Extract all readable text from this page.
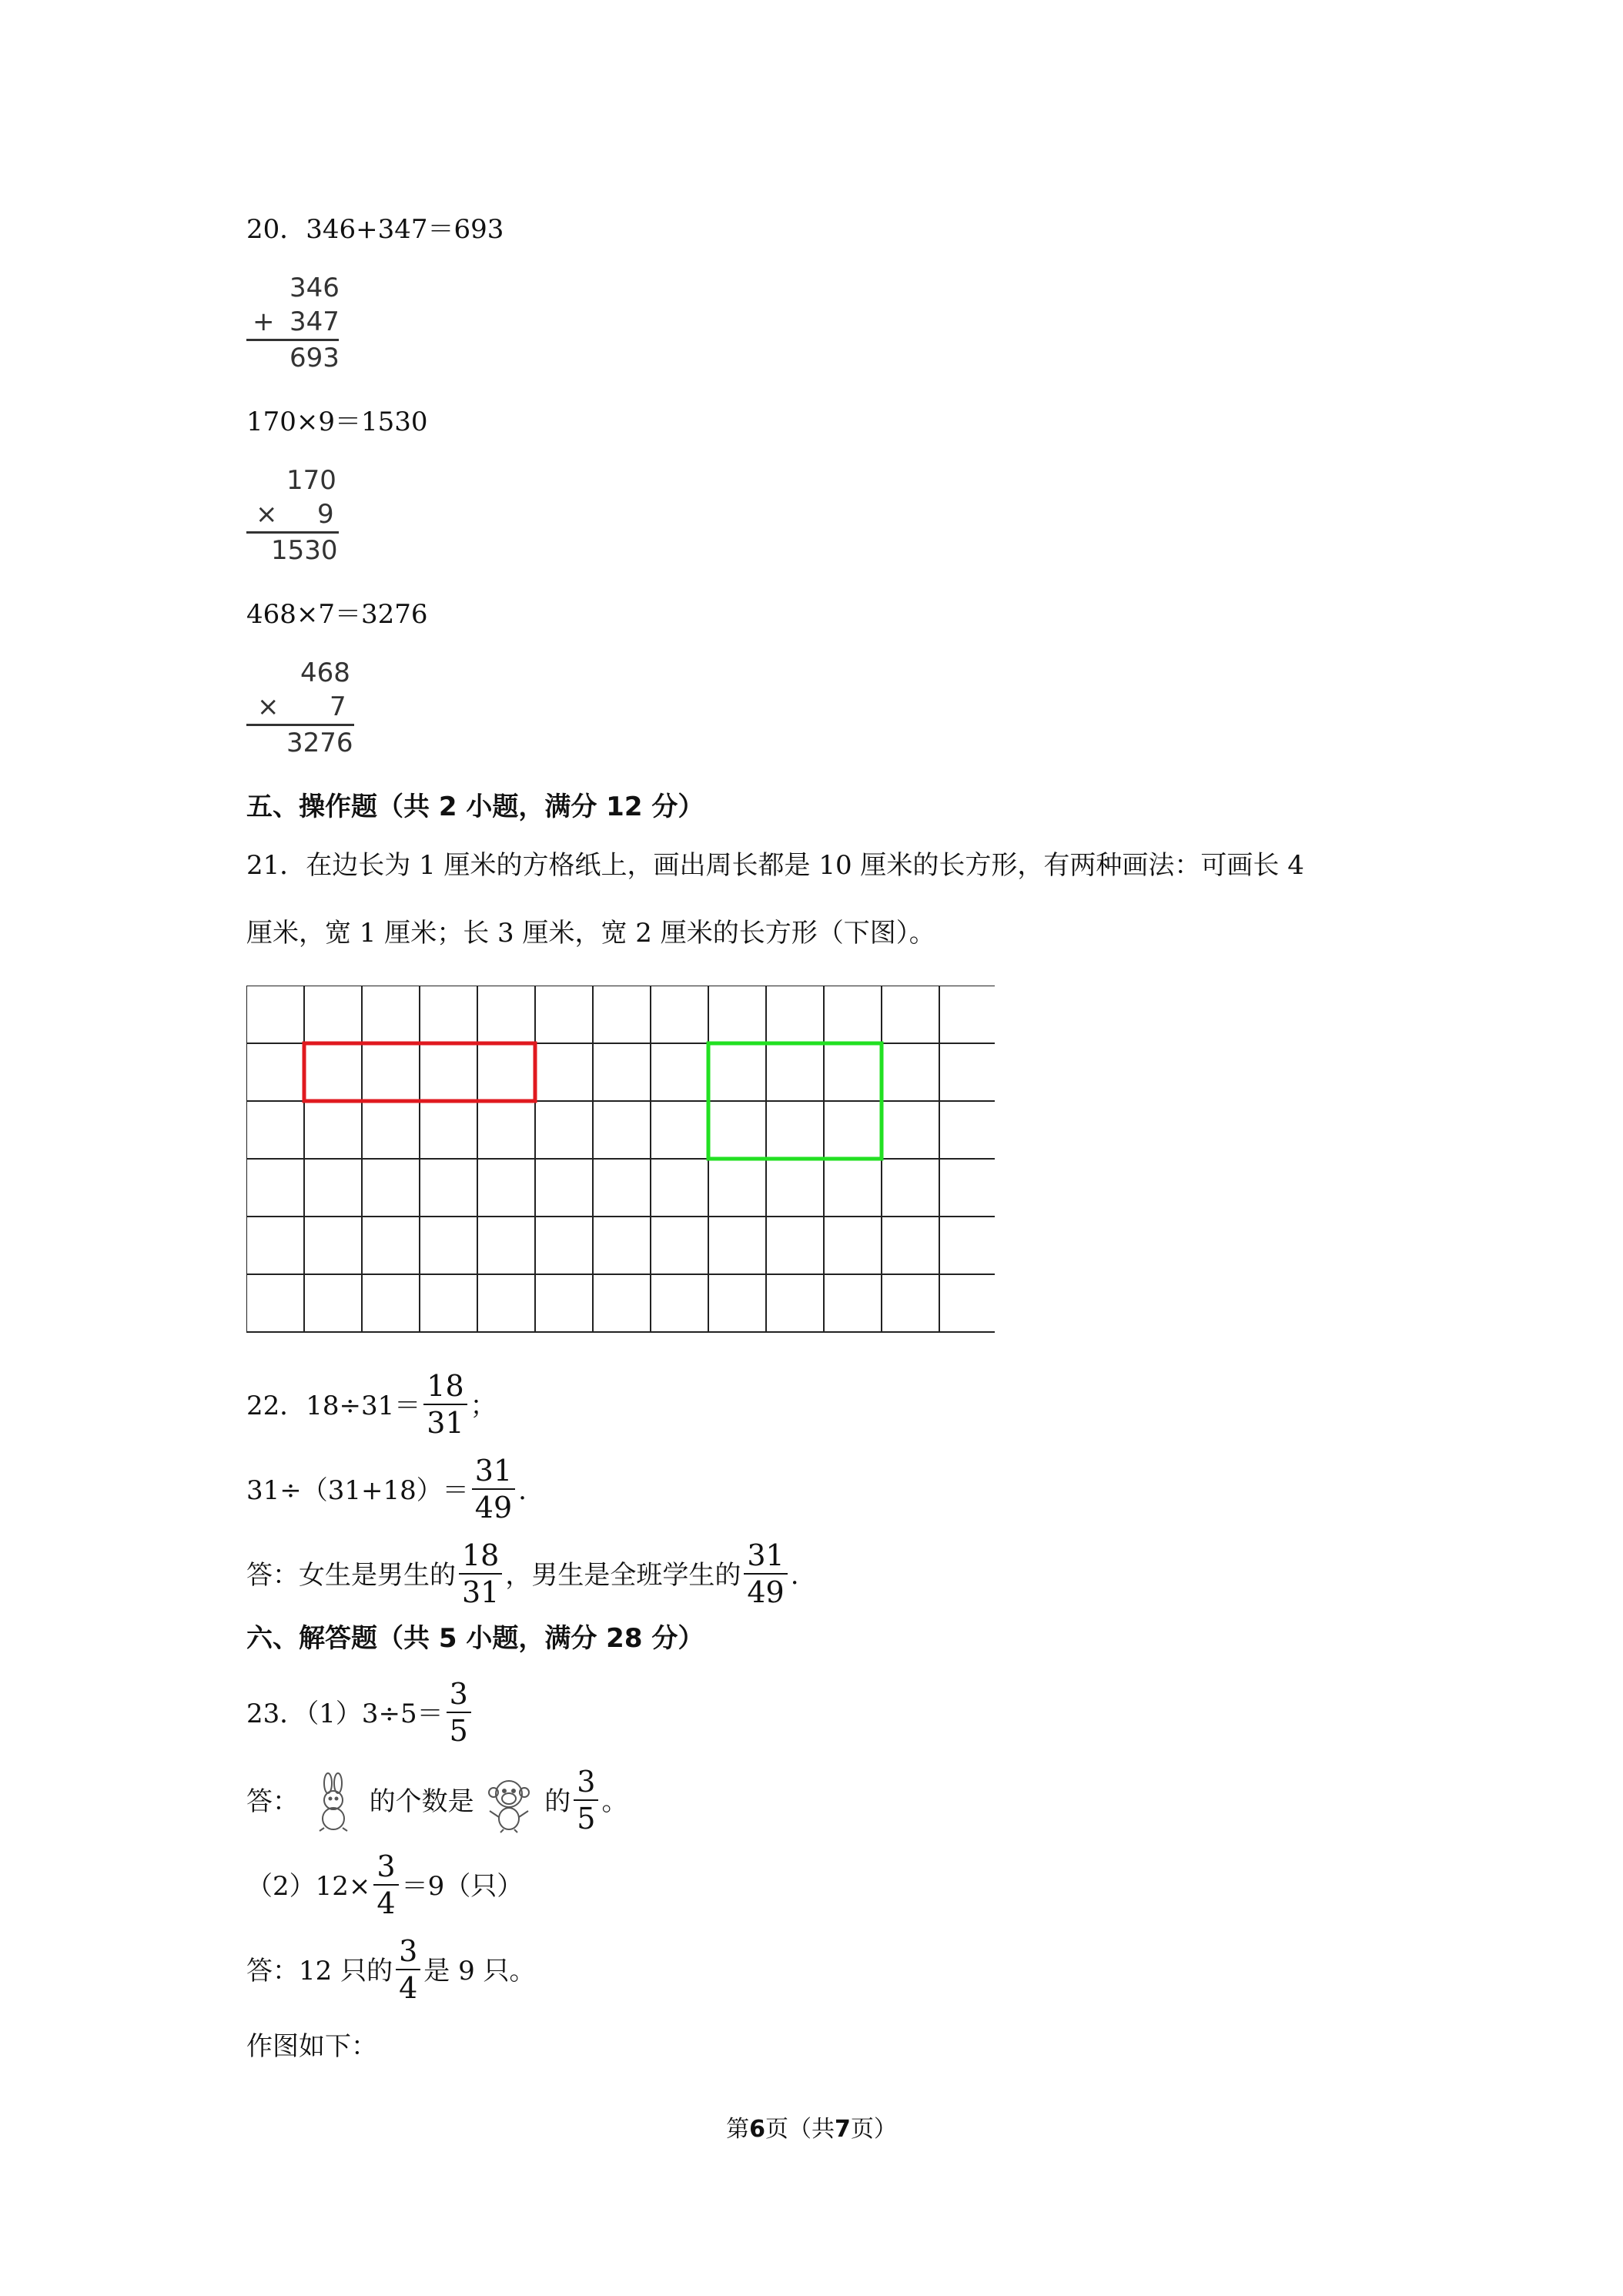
20．346+347＝693
346
+ 347
693
170×9＝1530
170
× 9
1530
468×7＝3276
468
× 7
3276
五、操作题（共 2 小题，满分 12 分）
21．在边长为 1 厘米的方格纸上，画出周长都是 10 厘米的长方形，有两种画法：可画长 4
厘米，宽 1 厘米；长 3 厘米，宽 2 厘米的长方形（下图）。
22．$18\div 31= \frac{18}{31}$ ；
$31\div(31+18)= \frac{31}{49}$ .
答：女生是男生的 $\frac{18}{31}$ ，男生是全班学生的 $\frac{31}{49}$ .
六、解答题（共 5 小题，满分 28 分）
23．$(1)3\div 5= \frac{3}{5}$
答：	的个数是	的 $\frac{3}{5}$ 。
$(2)12\times \frac{3}{4} =9$（只）
答：12 只的 $\frac{3}{4}$ 是 9 只。
作图如下：
第6页（共7页）
